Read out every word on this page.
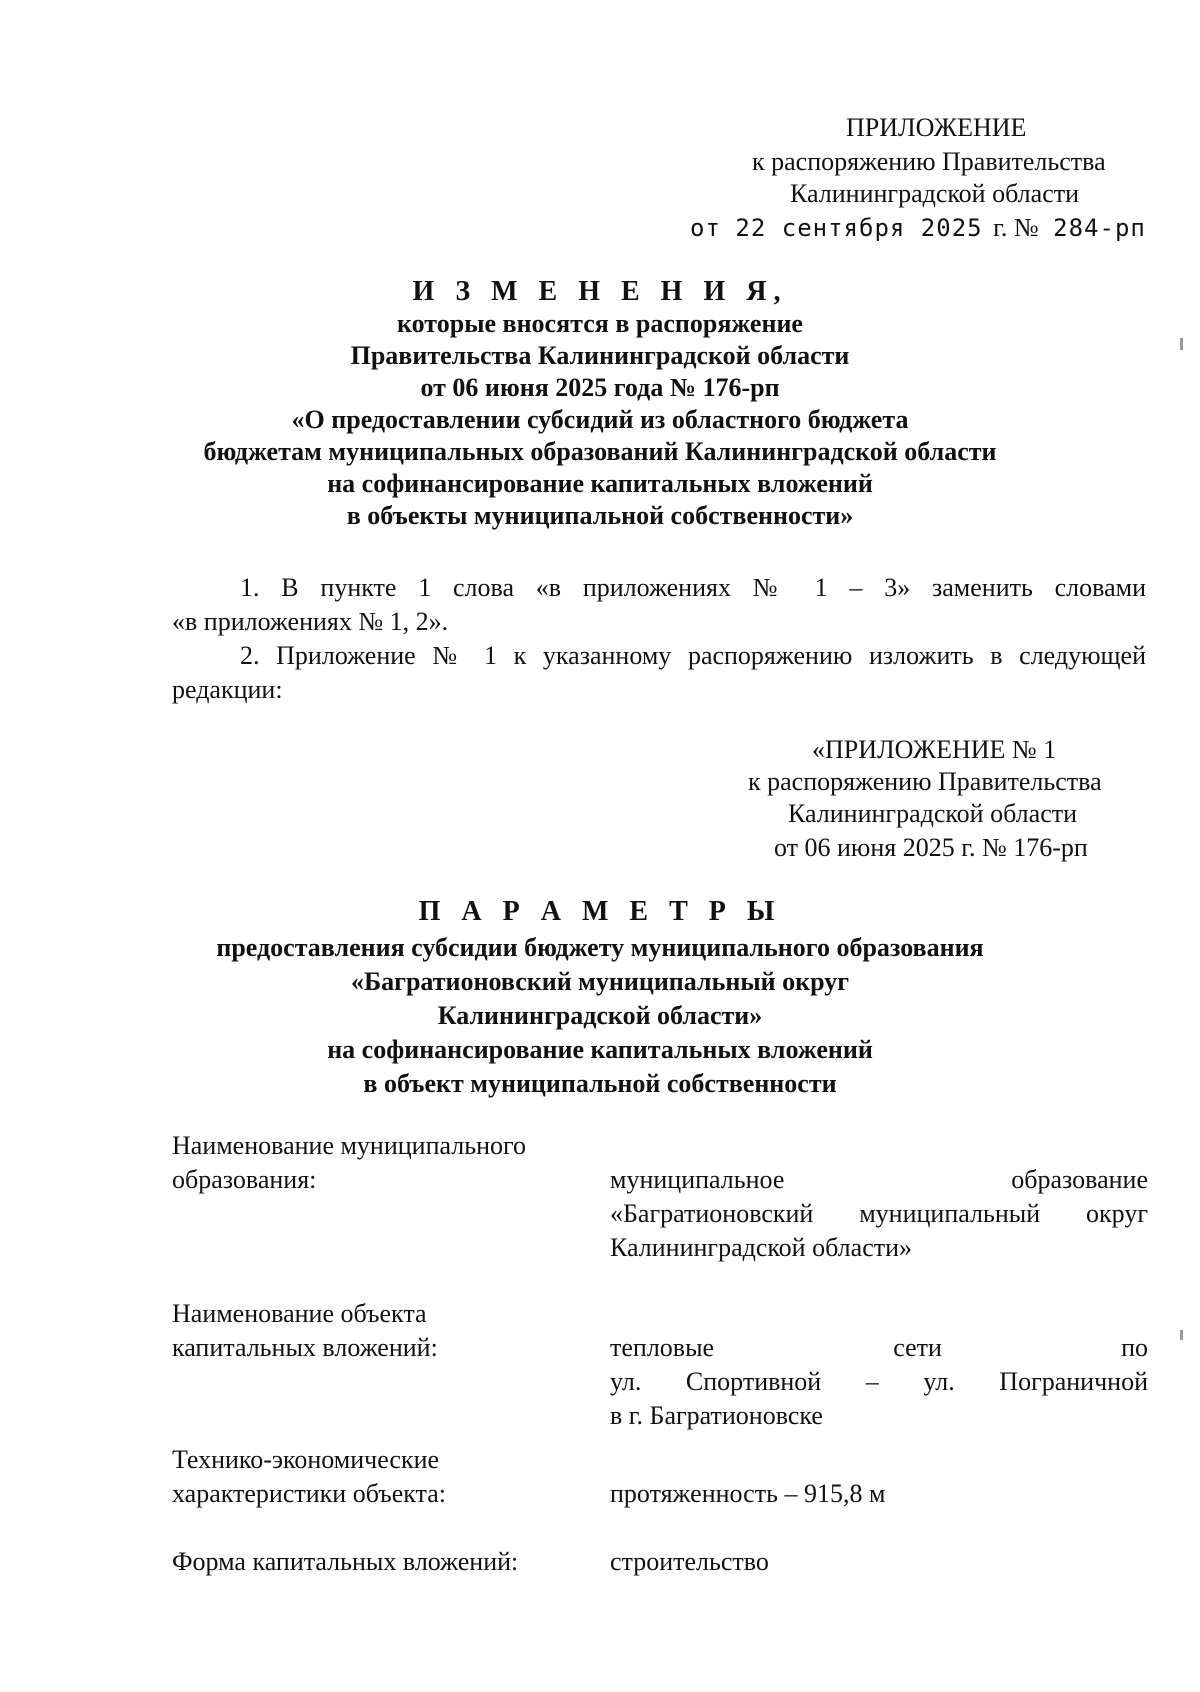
ПРИЛОЖЕНИЕ
к распоряжению Правительства
Калининградской области
от 22 сентября 2025 г. № 284-рп
И З М Е Н Е Н И Я,
которые вносятся в распоряжение
Правительства Калининградской области
от 06 июня 2025 года № 176-рп
«О предоставлении субсидий из областного бюджета
бюджетам муниципальных образований Калининградской области
на софинансирование капитальных вложений
в объекты муниципальной собственности»
1. В пункте 1 слова «в приложениях № 1 – 3» заменить словами
«в приложениях № 1, 2».
2. Приложение № 1 к указанному распоряжению изложить в следующей
редакции:
«ПРИЛОЖЕНИЕ № 1
к распоряжению Правительства
Калининградской области
от 06 июня 2025 г. № 176-рп
П А Р А М Е Т Р Ы
предоставления субсидии бюджету муниципального образования
«Багратионовский муниципальный округ
Калининградской области»
на софинансирование капитальных вложений
в объект муниципальной собственности
Наименование муниципального
образования:	муниципальное образование
«Багратионовский муниципальный округ
Калининградской области»
Наименование объекта
капитальных вложений:	тепловые сети по
ул. Спортивной – ул. Пограничной
в г. Багратионовске
Технико-экономические
характеристики объекта:	протяженность – 915,8 м
Форма капитальных вложений:	строительство
